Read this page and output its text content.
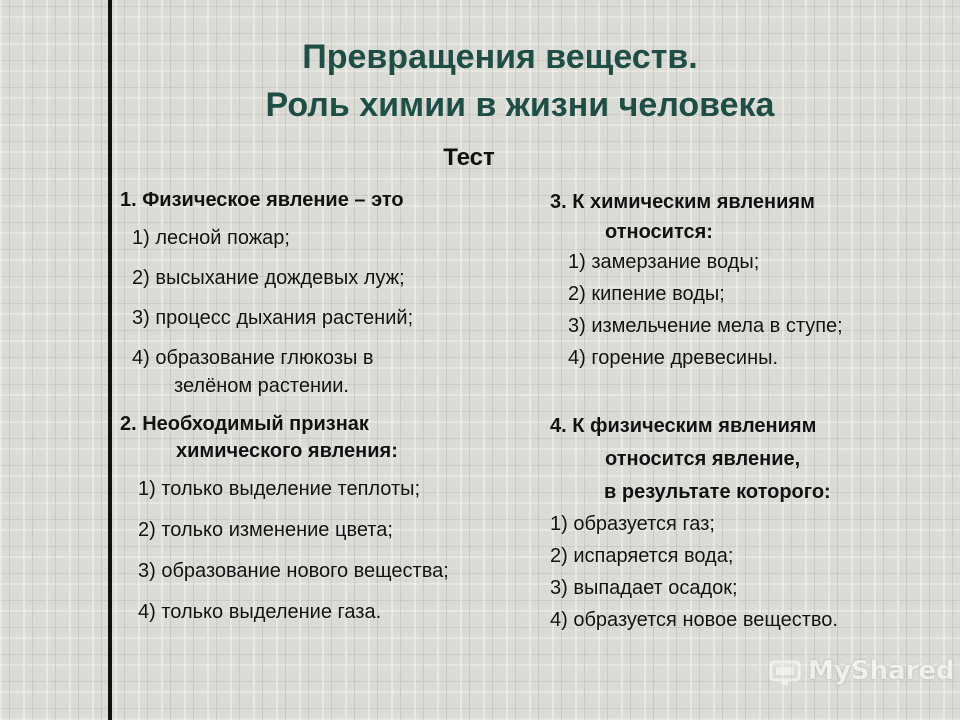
Превращения веществ.
Роль химии в жизни человека
Тест
1. Физическое явление – это
1) лесной пожар;
2) высыхание дождевых луж;
3) процесс дыхания растений;
4) образование глюкозы в
зелёном растении.
2. Необходимый признак
химического явления:
1) только выделение теплоты;
2) только изменение цвета;
3) образование нового вещества;
4) только выделение газа.
3. К химическим явлениям
относится:
1) замерзание воды;
2) кипение воды;
3) измельчение мела в ступе;
4) горение древесины.
4. К физическим явлениям
относится явление,
в результате которого:
1) образуется газ;
2) испаряется вода;
3) выпадает осадок;
4) образуется новое вещество.
MyShared
